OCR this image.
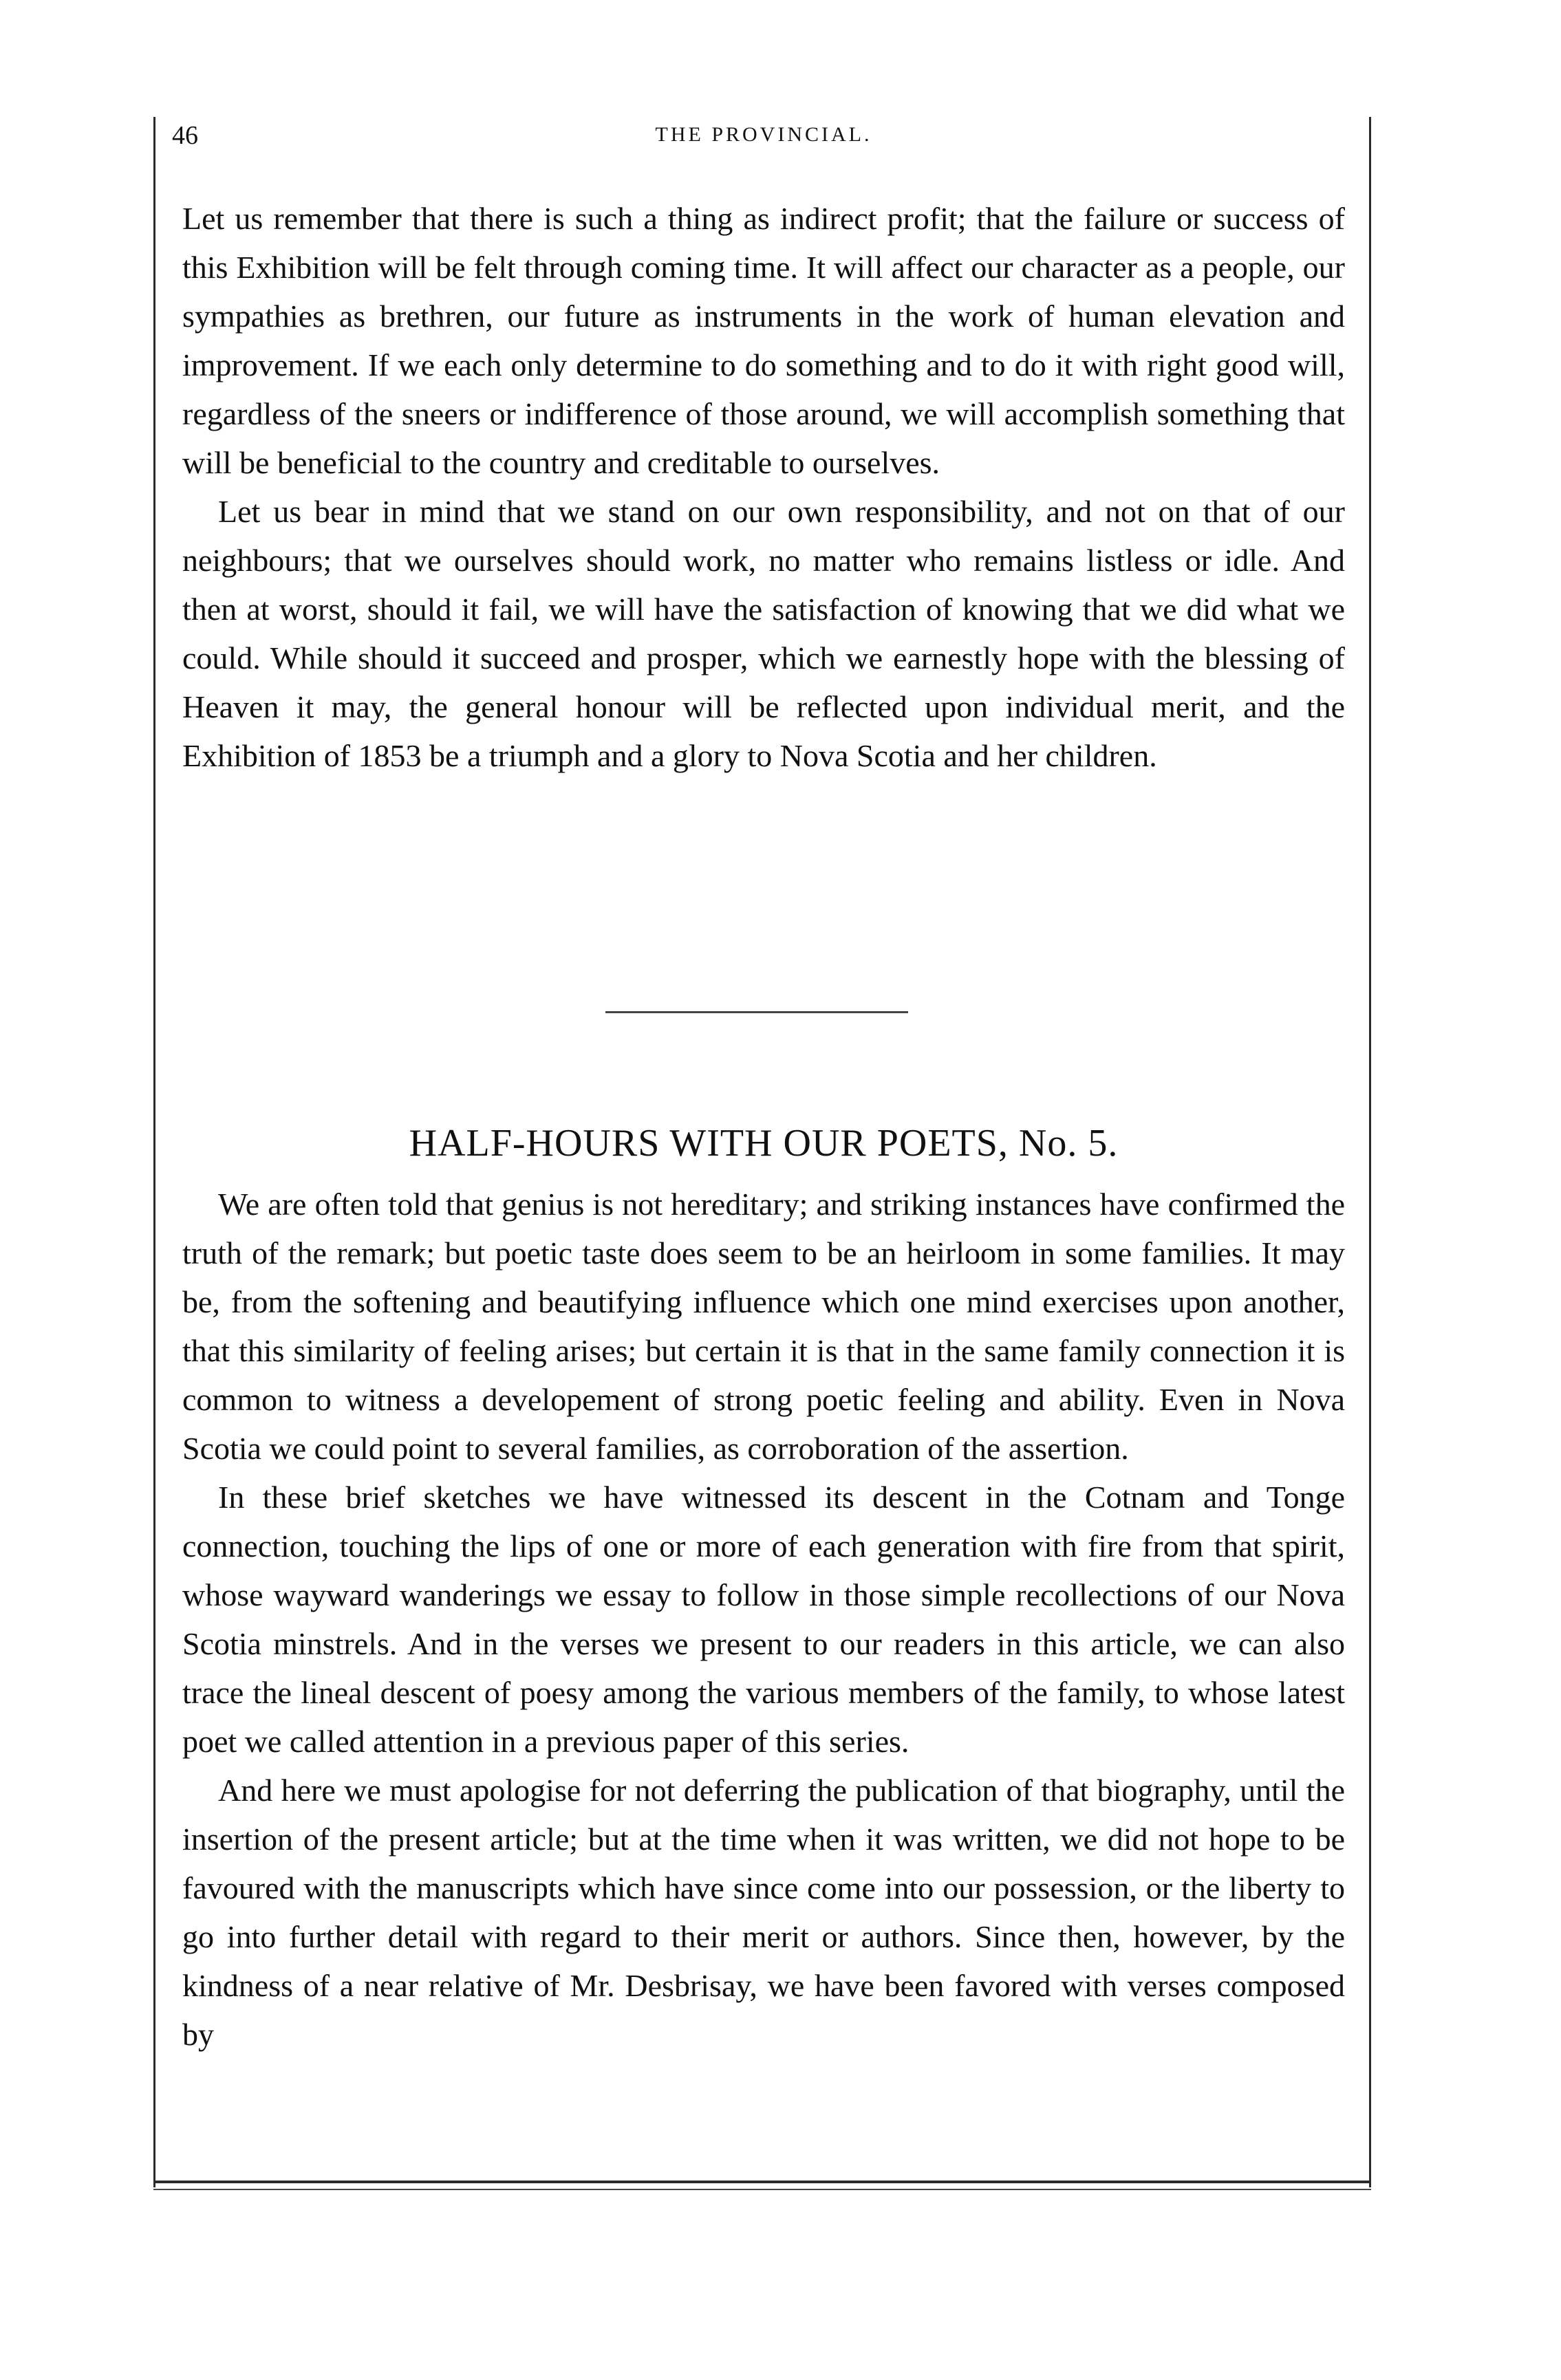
46	THE PROVINCIAL.

Let us remember that there is such a thing as indirect profit; that the failure or success of this Exhibition will be felt through coming time. It will affect our character as a people, our sympathies as brethren, our future as instruments in the work of human elevation and improvement. If we each only determine to do something and to do it with right good will, regardless of the sneers or indifference of those around, we will accomplish something that will be beneficial to the country and creditable to ourselves.

Let us bear in mind that we stand on our own responsibility, and not on that of our neighbours; that we ourselves should work, no matter who remains listless or idle. And then at worst, should it fail, we will have the satisfaction of knowing that we did what we could. While should it succeed and prosper, which we earnestly hope with the blessing of Heaven it may, the general honour will be reflected upon individual merit, and the Exhibition of 1853 be a triumph and a glory to Nova Scotia and her children.

HALF-HOURS WITH OUR POETS, No. 5.

We are often told that genius is not hereditary; and striking instances have confirmed the truth of the remark; but poetic taste does seem to be an heirloom in some families. It may be, from the softening and beautifying influence which one mind exercises upon another, that this similarity of feeling arises; but certain it is that in the same family connection it is common to witness a developement of strong poetic feeling and ability. Even in Nova Scotia we could point to several families, as corroboration of the assertion.

In these brief sketches we have witnessed its descent in the Cotnam and Tonge connection, touching the lips of one or more of each generation with fire from that spirit, whose wayward wanderings we essay to follow in those simple recollections of our Nova Scotia minstrels. And in the verses we present to our readers in this article, we can also trace the lineal descent of poesy among the various members of the family, to whose latest poet we called attention in a previous paper of this series.

And here we must apologise for not deferring the publication of that biography, until the insertion of the present article; but at the time when it was written, we did not hope to be favoured with the manuscripts which have since come into our possession, or the liberty to go into further detail with regard to their merit or authors. Since then, however, by the kindness of a near relative of Mr. Desbrisay, we have been favored with verses composed by
